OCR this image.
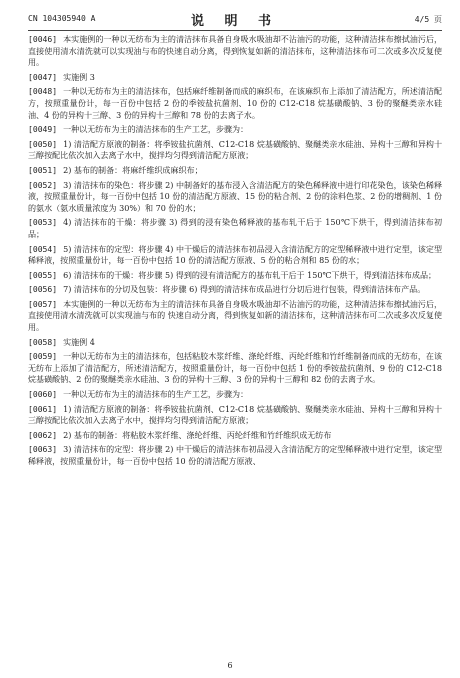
CN 104305940 A	说 明 书	4/5 页
[0046] 本实施例的一种以无纺布为主的清洁抹布具备自身吸水吸油却不沾油污的功能，这种清洁抹布擦拭油污后，直接使用清水清洗就可以实现油与布的快速自动分离，得到恢复如新的清洁抹布，这种清洁抹布可二次或多次反复使用。
[0047] 实施例 3
[0048] 一种以无纺布为主的清洁抹布，包括麻纤维制备而成的麻织布，在该麻织布上添加了清洁配方，所述清洁配方，按照重量份计，每一百份中包括 2 份的季铵盐抗菌剂、10 份的 C12-C18 烷基磺酸钠、3 份的聚醚类亲水硅油、4 份的异构十三醇、3 份的异构十三醇和 78 份的去离子水。
[0049] 一种以无纺布为主的清洁抹布的生产工艺，步骤为：
[0050] 1) 清洁配方原液的制备：将季铵盐抗菌剂、C12-C18 烷基磺酸钠、聚醚类亲水硅油、异构十三醇和异构十三醇按配比依次加入去离子水中，搅拌均匀得到清洁配方原液；
[0051] 2) 基布的制备：将麻纤维织成麻织布；
[0052] 3) 清洁抹布的染色：将步骤 2) 中制备好的基布浸入含清洁配方的染色稀释液中进行印花染色，该染色稀释液，按照重量份计，每一百份中包括 10 份的清洁配方原液、15 份的粘合剂、2 份的涂料色浆、2 份的增稠剂、1 份的氨水（氨水质量浓度为 30%）和 70 份的水；
[0053] 4) 清洁抹布的干燥：将步骤 3) 得到的浸有染色稀释液的基布轧干后于 150℃下烘干，得到清洁抹布初品；
[0054] 5) 清洁抹布的定型：将步骤 4) 中干燥后的清洁抹布初品浸入含清洁配方的定型稀释液中进行定型，该定型稀释液，按照重量份计，每一百份中包括 10 份的清洁配方原液、5 份的粘合剂和 85 份的水；
[0055] 6) 清洁抹布的干燥：将步骤 5) 得到的浸有清洁配方的基布轧干后于 150℃下烘干，得到清洁抹布成品；
[0056] 7) 清洁抹布的分切及包装：将步骤 6) 得到的清洁抹布成品进行分切后进行包装，得到清洁抹布产品。
[0057] 本实施例的一种以无纺布为主的清洁抹布具备自身吸水吸油却不沾油污的功能，这种清洁抹布擦拭油污后，直接使用清水清洗就可以实现油与布的 快速自动分离，得到恢复如新的清洁抹布，这种清洁抹布可二次或多次反复使用。
[0058] 实施例 4
[0059] 一种以无纺布为主的清洁抹布，包括粘胶木浆纤维、涤纶纤维、丙纶纤维和竹纤维制备而成的无纺布，在该无纺布上添加了清洁配方，所述清洁配方，按照重量份计，每一百份中包括 1 份的季铵盐抗菌剂、9 份的 C12-C18 烷基磺酸钠、2 份的聚醚类亲水硅油、3 份的异构十三醇、3 份的异构十三醇和 82 份的去离子水。
[0060] 一种以无纺布为主的清洁抹布的生产工艺，步骤为：
[0061] 1) 清洁配方原液的制备：将季铵盐抗菌剂、C12-C18 烷基磺酸钠、聚醚类亲水硅油、异构十三醇和异构十三醇按配比依次加入去离子水中，搅拌均匀得到清洁配方原液；
[0062] 2) 基布的制备：将粘胶木浆纤维、涤纶纤维、丙纶纤维和竹纤维织成无纺布
[0063] 3) 清洁抹布的定型：将步骤 2) 中干燥后的清洁抹布初品浸入含清洁配方的定型稀释液中进行定型，该定型稀释液，按照重量份计，每一百份中包括 10 份的清洁配方原液、
6
